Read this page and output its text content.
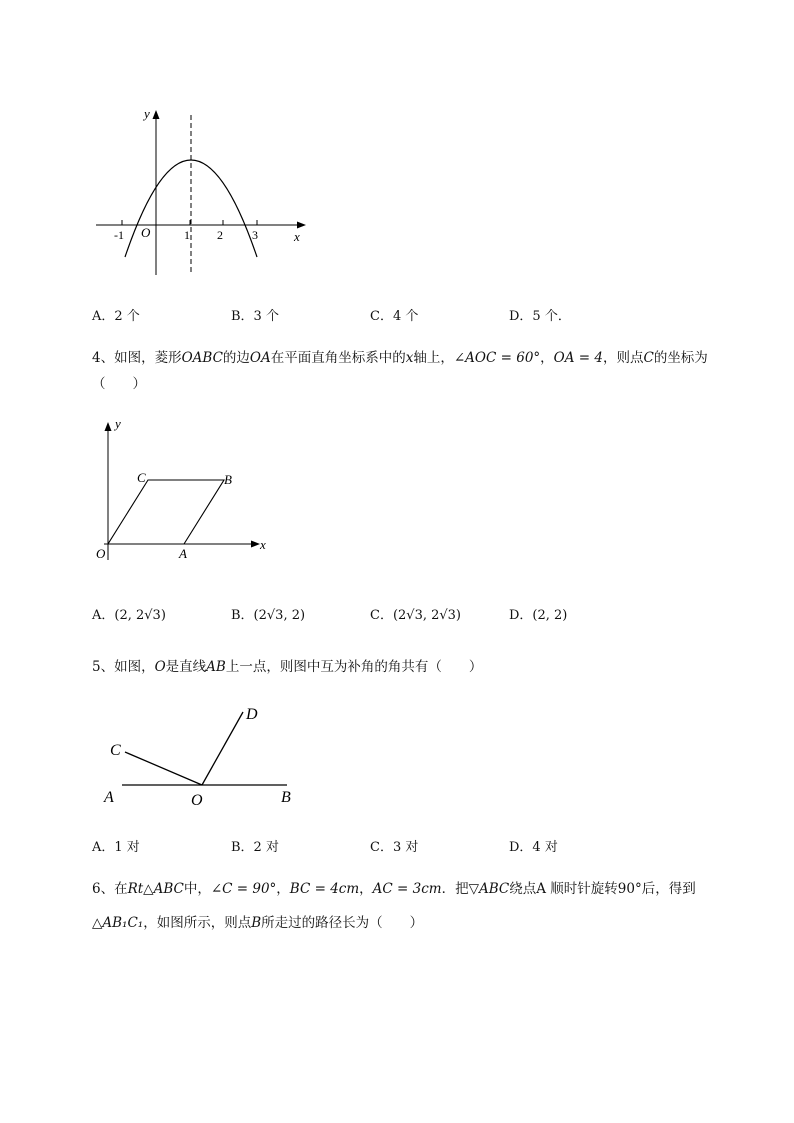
y
x
O
-1	1 2 3
A．2 个	B．3 个	C．4 个	D．5 个．
4、如图，菱形OABC的边OA在平面直角坐标系中的x轴上，∠AOC = 60°，OA = 4，则点C的坐标为
（　　）
y
x
O	A
B
C
A．(2, 2√3)	B．(2√3, 2)	C．(2√3, 2√3)	D．(2, 2)
5、如图，O是直线AB上一点，则图中互为补角的角共有（　　）
A	B
C
D
O
A．1 对	B．2 对	C．3 对	D．4 对
6、在Rt△ABC中，∠C = 90°，BC = 4cm，AC = 3cm．把▽ABC绕点A 顺时针旋转90°后，得到
△AB₁C₁，如图所示，则点B所走过的路径长为（　　）
